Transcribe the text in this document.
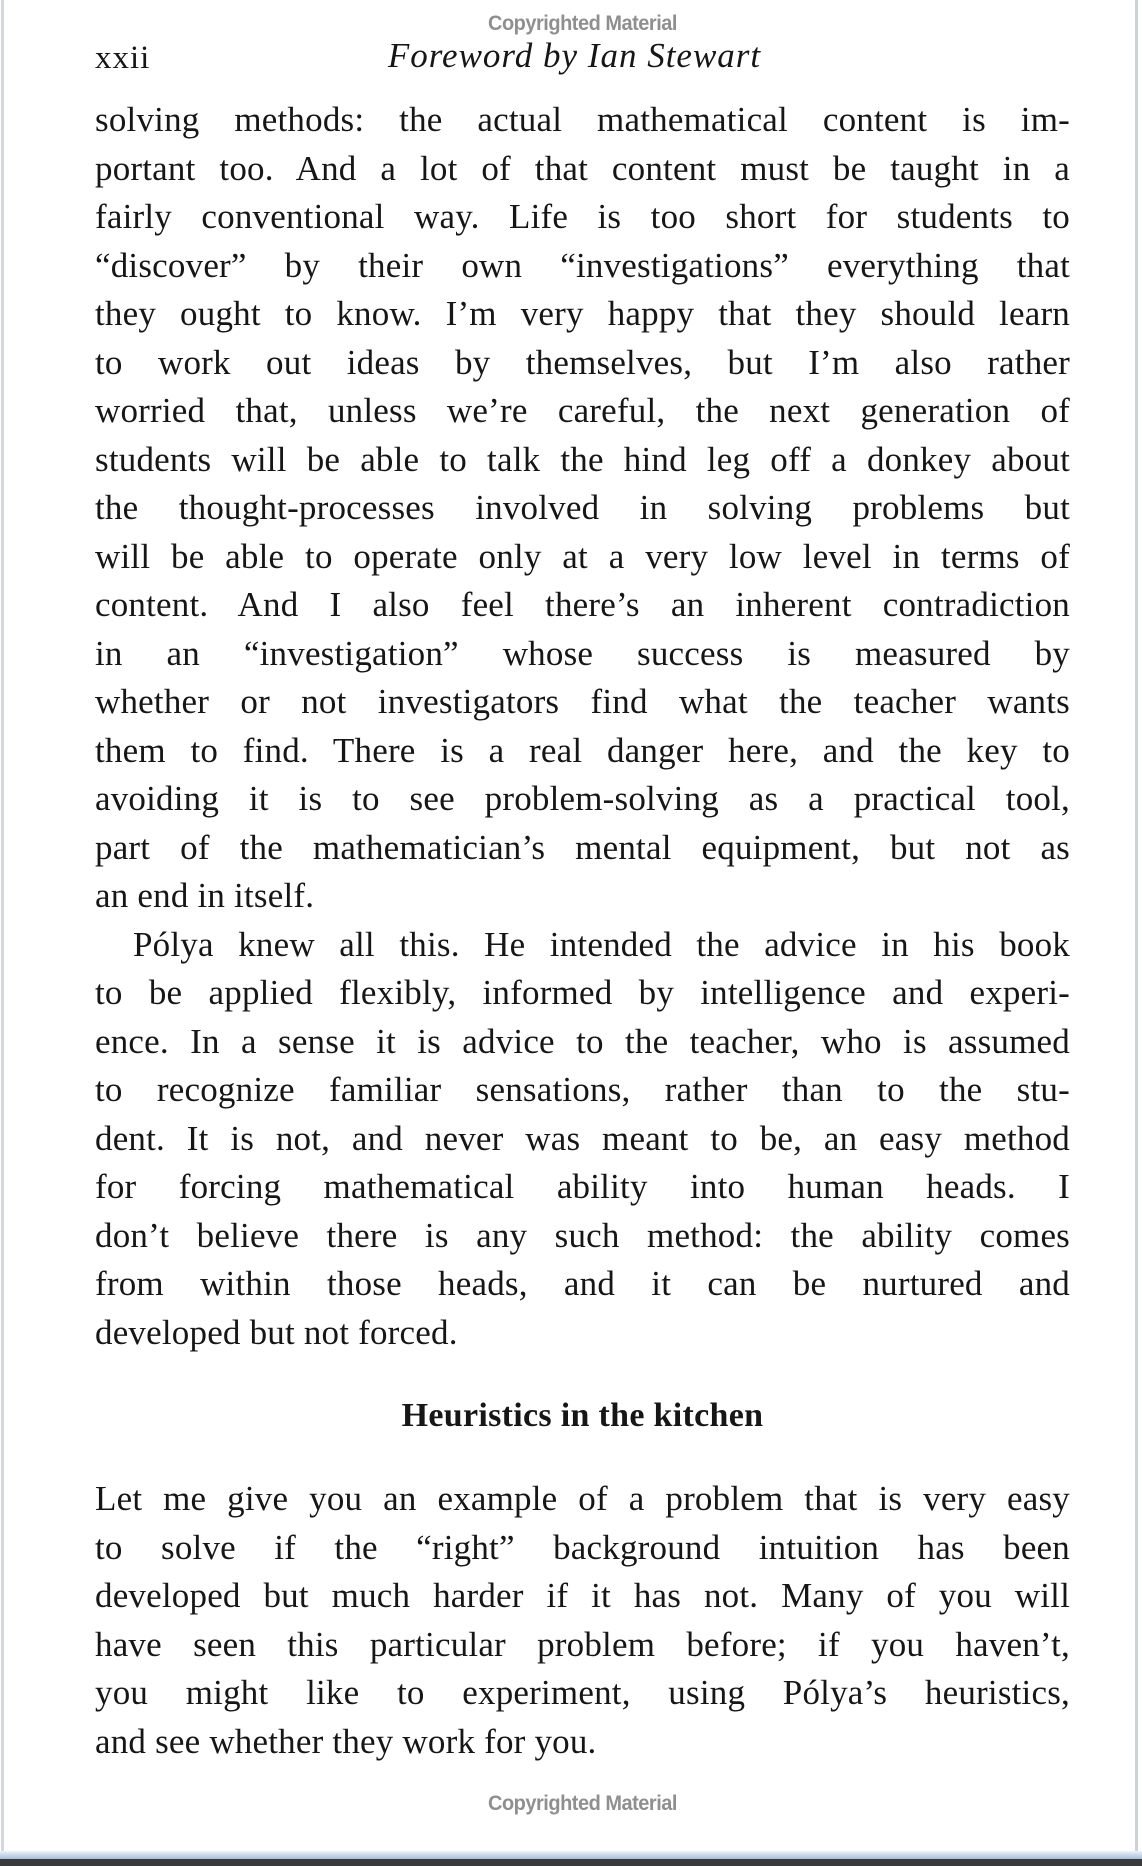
Copyrighted Material
xxii	Foreword by Ian Stewart
solving methods: the actual mathematical content is im-
portant too. And a lot of that content must be taught in a
fairly conventional way. Life is too short for students to
“discover” by their own “investigations” everything that
they ought to know. I’m very happy that they should learn
to work out ideas by themselves, but I’m also rather
worried that, unless we’re careful, the next generation of
students will be able to talk the hind leg off a donkey about
the thought-processes involved in solving problems but
will be able to operate only at a very low level in terms of
content. And I also feel there’s an inherent contradiction
in an “investigation” whose success is measured by
whether or not investigators find what the teacher wants
them to find. There is a real danger here, and the key to
avoiding it is to see problem-solving as a practical tool,
part of the mathematician’s mental equipment, but not as
an end in itself.
Pólya knew all this. He intended the advice in his book
to be applied flexibly, informed by intelligence and experi-
ence. In a sense it is advice to the teacher, who is assumed
to recognize familiar sensations, rather than to the stu-
dent. It is not, and never was meant to be, an easy method
for forcing mathematical ability into human heads. I
don’t believe there is any such method: the ability comes
from within those heads, and it can be nurtured and
developed but not forced.
Heuristics in the kitchen
Let me give you an example of a problem that is very easy
to solve if the “right” background intuition has been
developed but much harder if it has not. Many of you will
have seen this particular problem before; if you haven’t,
you might like to experiment, using Pólya’s heuristics,
and see whether they work for you.
Copyrighted Material
